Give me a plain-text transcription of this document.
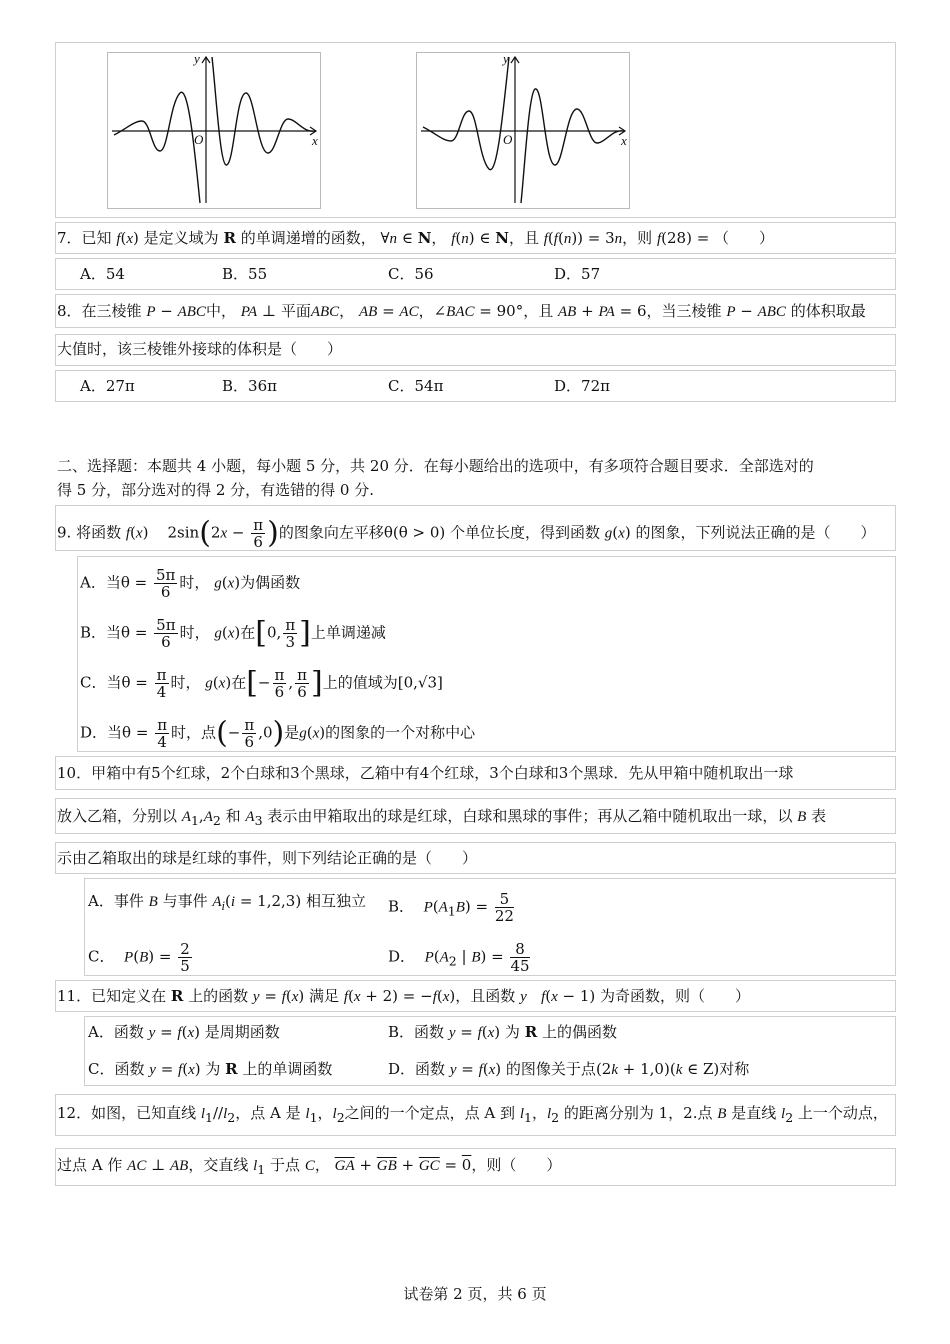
y
x
O
y
x
O
7．已知 f(x) 是定义域为 R 的单调递增的函数， ∀n ∈ N， f(n) ∈ N，且 f(f(n)) = 3n，则 f(28) = （　　）
A．54	B．55	C．56	D．57
8．在三棱锥 P − ABC中， PA ⊥ 平面ABC， AB = AC，∠BAC = 90°，且 AB + PA = 6，当三棱锥 P − ABC 的体积取最
大值时，该三棱锥外接球的体积是（　　）
A．27π	B．36π	C．54π	D．72π
二、选择题：本题共 4 小题，每小题 5 分，共 20 分．在每小题给出的选项中，有多项符合题目要求．全部选对的
得 5 分，部分选对的得 2 分，有选错的得 0 分.
9. 将函数 f(x)    $2\sin(2x - \frac{\pi}{6}$ )的图象向左平移θ(θ > 0) 个单位长度，得到函数 g(x) 的图象，下列说法正确的是（　　）
A．当$\theta = \frac{5\pi}{6}$ 时， g(x)为偶函数
B．当$\theta = \frac{5\pi}{6}$ 时， g(x)在[0, $\frac{\pi}{3}$ ]上单调递减
C．当$\theta = \frac{\pi}{4}$ 时， g(x)在[− $\frac{\pi}{6}$ , $\frac{\pi}{6}$ ]上的值域为[0,√3]
D．当$\theta = \frac{\pi}{4}$ 时，点(− $\frac{\pi}{6} ,0$)是g(x)的图象的一个对称中心
10．甲箱中有5个红球，2个白球和3个黑球，乙箱中有4个红球，3个白球和3个黑球．先从甲箱中随机取出一球
放入乙箱，分别以 $A_1,A_2$ 和 $A_3$ 表示由甲箱取出的球是红球，白球和黑球的事件；再从乙箱中随机取出一球，以 B 表
示由乙箱取出的球是红球的事件，则下列结论正确的是（　　）
A．事件 B 与事件 $A_i(i = 1,2,3)$ 相互独立 B． $P(A_1B) = \frac{5}{22}$
C． $P(B) = \frac{2}{5}$	D． $P(A_2$ | $B) = \frac{8}{45}$
11．已知定义在 R 上的函数 y = f(x) 满足 f(x + 2) = −f(x)，且函数 y f(x − 1) 为奇函数，则（　　）
A．函数 y = f(x) 是周期函数	B．函数 y = f(x) 为 R 上的偶函数
C．函数 y = f(x) 为 R 上的单调函数	D．函数 y = f(x) 的图像关于点(2k + 1,0)(k ∈ Z)对称
12．如图，已知直线 $l_1//l_2$，点 A 是 $l_1$，$l_2$之间的一个定点，点 A 到 $l_1$，$l_2$ 的距离分别为 1，2.点 B 是直线 $l_2$ 上一个动点，
过点 A 作 AC ⊥ AB，交直线 $l_1$ 于点 C， $\overline{GA} + \overline{GB} + \overline{GC} = 0$，则（　　）
试卷第 2 页，共 6 页
